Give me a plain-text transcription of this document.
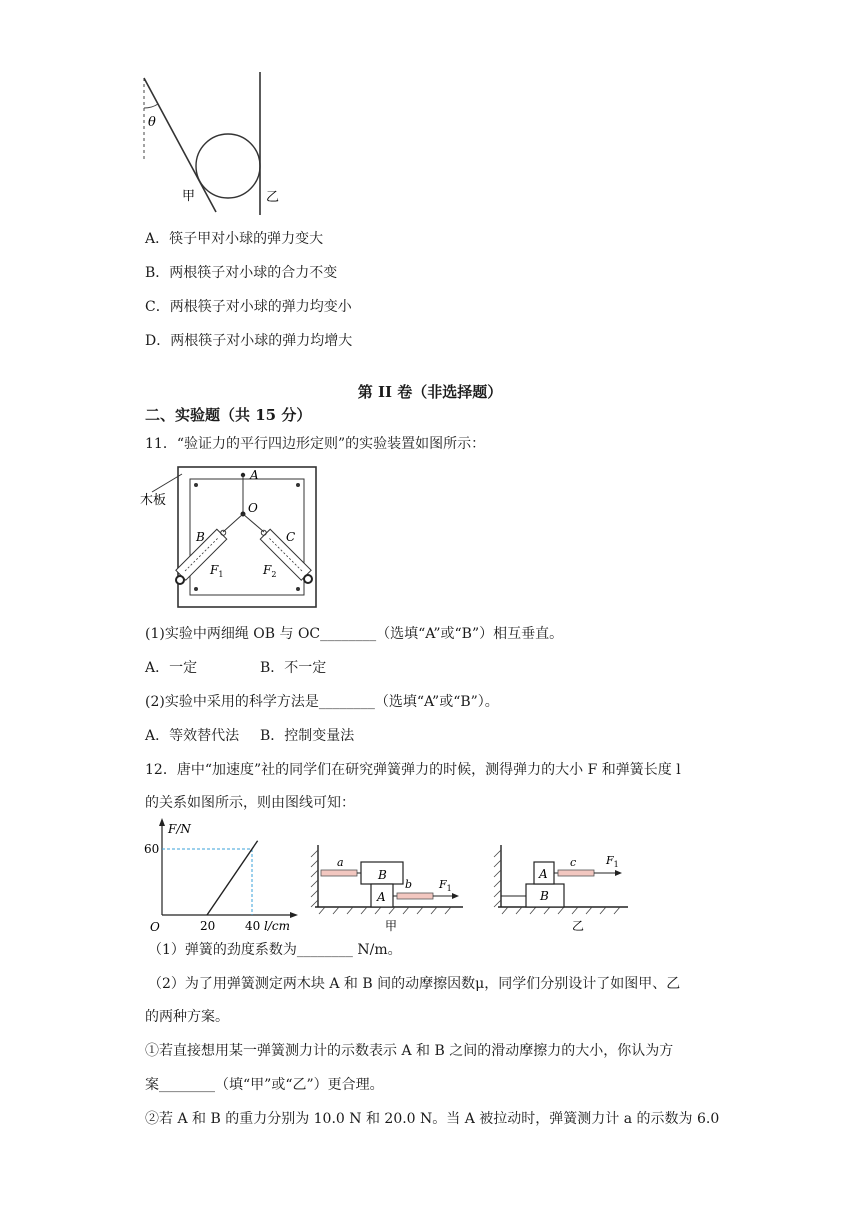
θ
甲	乙
A．筷子甲对小球的弹力变大
B．两根筷子对小球的合力不变
C．两根筷子对小球的弹力均变小
D．两根筷子对小球的弹力均增大
第 II 卷（非选择题）
二、实验题（共 15 分）
11．“验证力的平行四边形定则”的实验装置如图所示：
木板
A
O
B	C
$F_1$	$F_2$
(1)实验中两细绳 OB 与 OC________（选填“A”或“B”）相互垂直。
A．一定	B．不一定
(2)实验中采用的科学方法是________（选填“A”或“B”）。
A．等效替代法 B．控制变量法
12．唐中“加速度”社的同学们在研究弹簧弹力的时候，测得弹力的大小 F 和弹簧长度 l
的关系如图所示，则由图线可知：
F/N
l/cm
O	20 40
60
B
A
a
b $F_1$
甲
A
B
c	$F_1$
乙
（1）弹簧的劲度系数为________ N/m。
（2）为了用弹簧测定两木块 A 和 B 间的动摩擦因数μ，同学们分别设计了如图甲、乙
的两种方案。
①若直接想用某一弹簧测力计的示数表示 A 和 B 之间的滑动摩擦力的大小，你认为方
案________（填“甲”或“乙”）更合理。
②若 A 和 B 的重力分别为 10.0 N 和 20.0 N。当 A 被拉动时，弹簧测力计 a 的示数为 6.0
